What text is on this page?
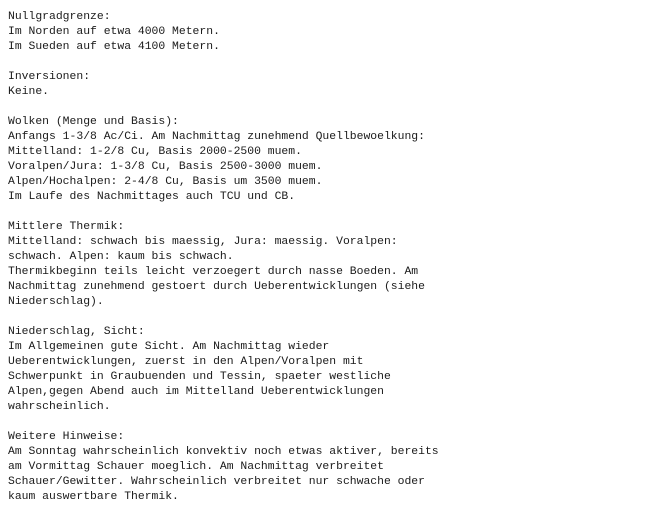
Nullgradgrenze:
Im Norden auf etwa 4000 Metern.
Im Sueden auf etwa 4100 Metern.
Inversionen:
Keine.
Wolken (Menge und Basis):
Anfangs 1-3/8 Ac/Ci. Am Nachmittag zunehmend Quellbewoelkung:
Mittelland: 1-2/8 Cu, Basis 2000-2500 muem.
Voralpen/Jura: 1-3/8 Cu, Basis 2500-3000 muem.
Alpen/Hochalpen: 2-4/8 Cu, Basis um 3500 muem.
Im Laufe des Nachmittages auch TCU und CB.
Mittlere Thermik:
Mittelland: schwach bis maessig, Jura: maessig. Voralpen:
schwach. Alpen: kaum bis schwach.
Thermikbeginn teils leicht verzoegert durch nasse Boeden. Am
Nachmittag zunehmend gestoert durch Ueberentwicklungen (siehe
Niederschlag).
Niederschlag, Sicht:
Im Allgemeinen gute Sicht. Am Nachmittag wieder
Ueberentwicklungen, zuerst in den Alpen/Voralpen mit
Schwerpunkt in Graubuenden und Tessin, spaeter westliche
Alpen,gegen Abend auch im Mittelland Ueberentwicklungen
wahrscheinlich.
Weitere Hinweise:
Am Sonntag wahrscheinlich konvektiv noch etwas aktiver, bereits
am Vormittag Schauer moeglich. Am Nachmittag verbreitet
Schauer/Gewitter. Wahrscheinlich verbreitet nur schwache oder
kaum auswertbare Thermik.
